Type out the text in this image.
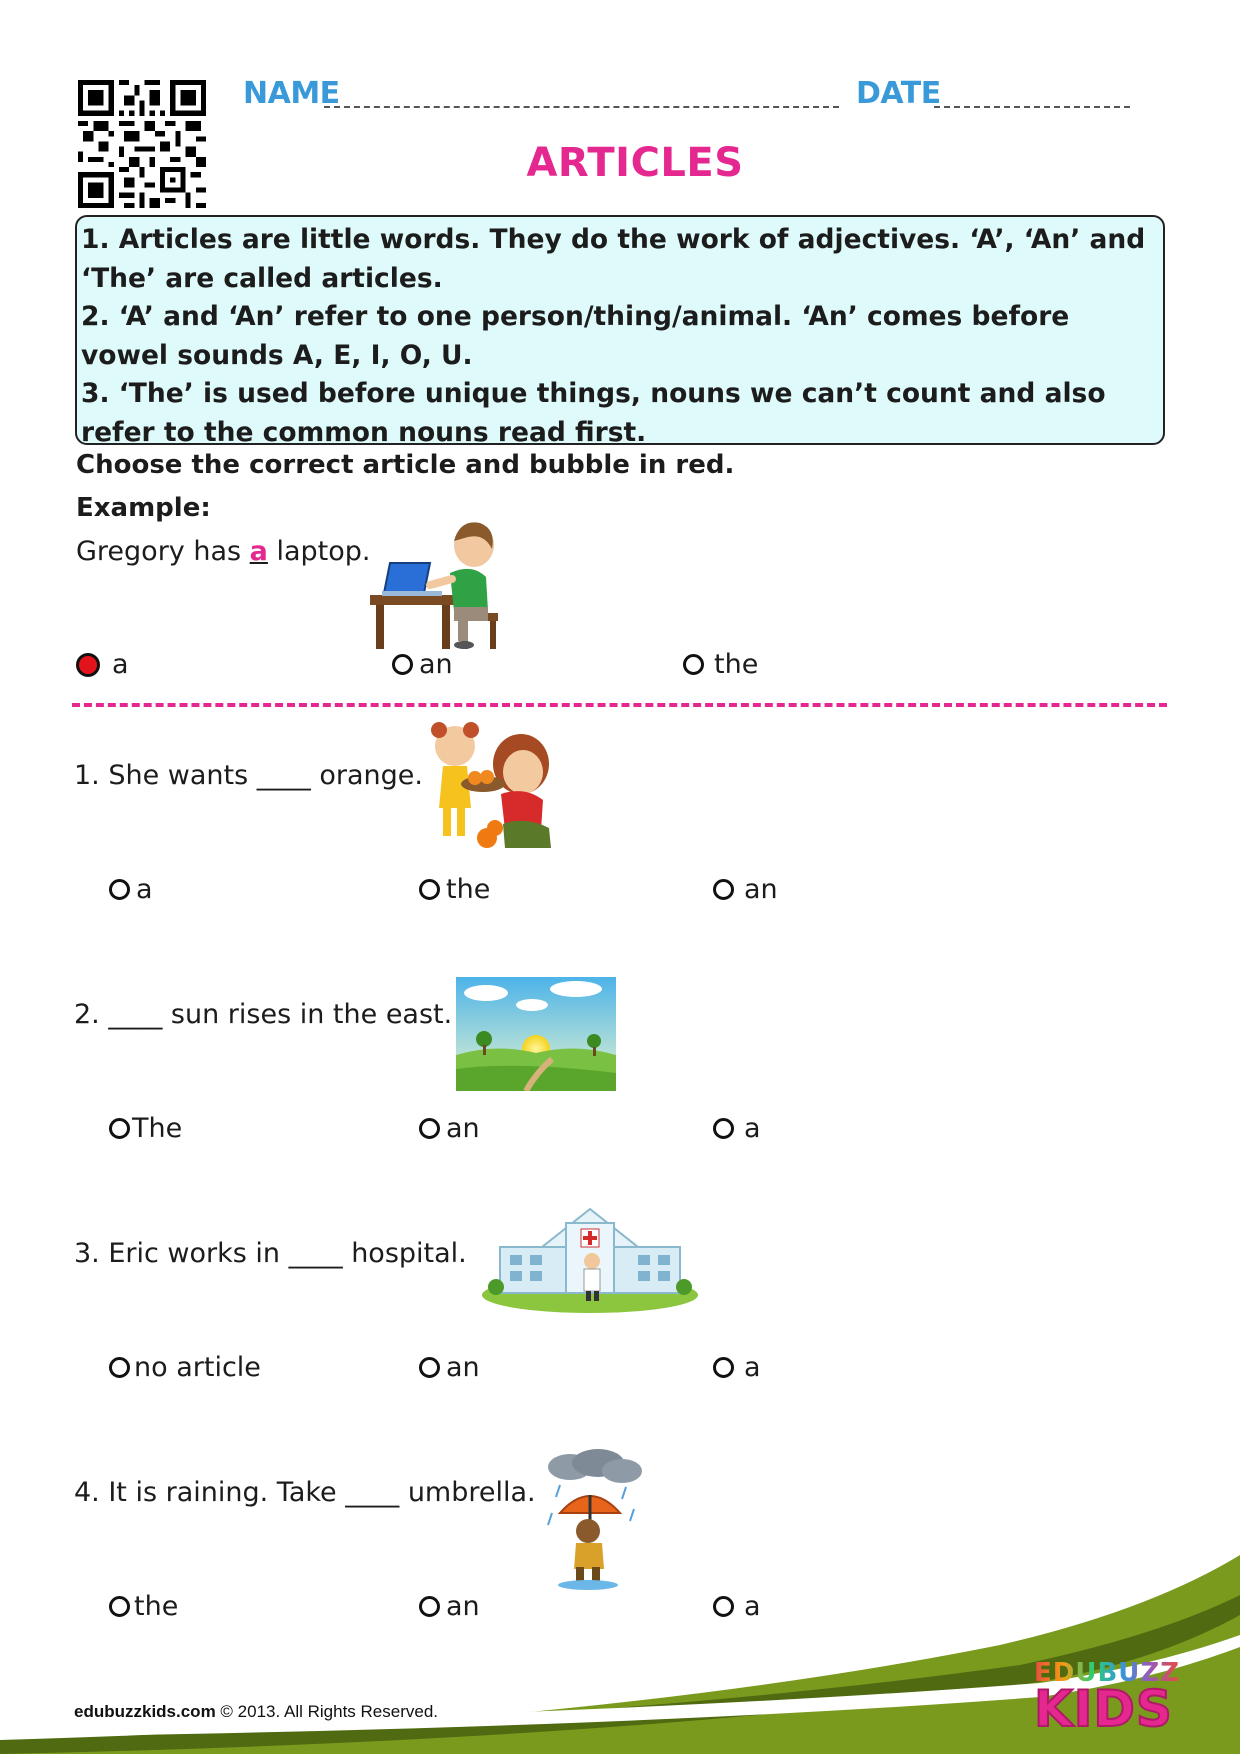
NAME	DATE
ARTICLES

1. Articles are little words. They do the work of adjectives. ‘A’, ‘An’ and ‘The’ are called articles.

2. ‘A’ and ‘An’ refer to one person/thing/animal. ‘An’ comes before vowel sounds A, E, I, O, U.

3. ‘The’ is used before unique things, nouns we can’t count and also refer to the common nouns read first.

Choose the correct article and bubble in red.
Example:
Gregory has a laptop.
a	an	the
1. She wants ____ orange.
a	the	an
2. ____ sun rises in the east.
The	an	a
3. Eric works in ____ hospital.
no article	an	a
4. It is raining. Take ____ umbrella.
the	an	a
edubuzzkids.com © 2013. All Rights Reserved.
EDUBUZZ
KIDS
